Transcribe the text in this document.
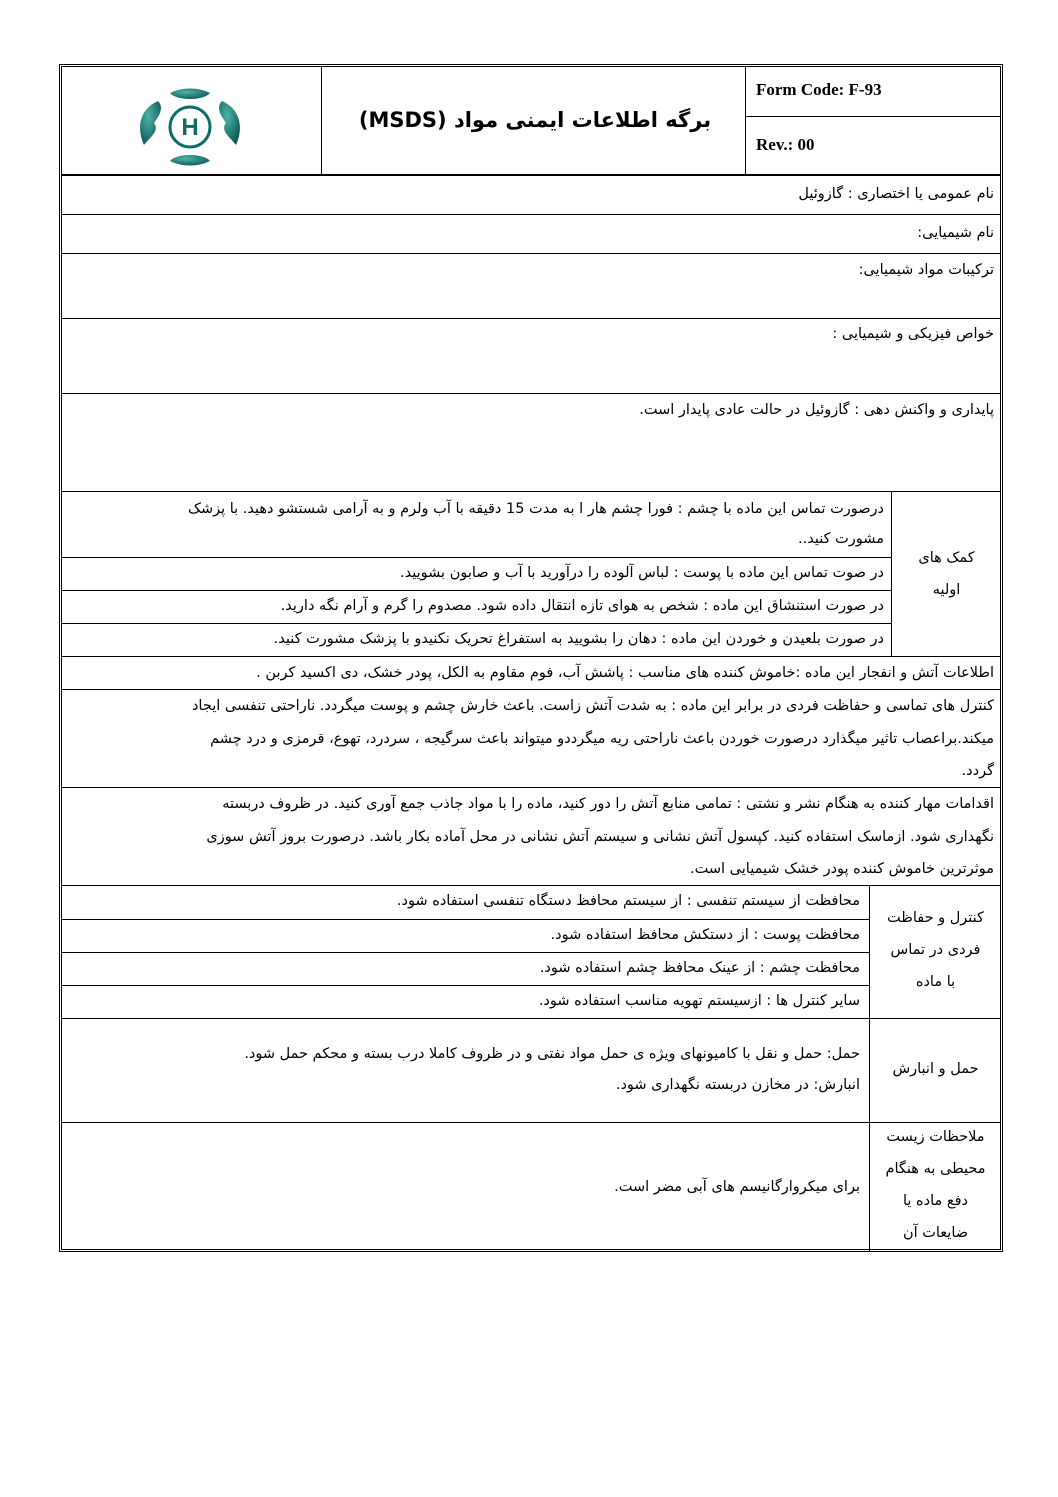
H	برگه اطلاعات ایمنی مواد (MSDS)
Form Code: F-93
Rev.: 00
نام عمومی یا اختصاری : گازوئیل
نام شیمیایی:
ترکیبات مواد شیمیایی:
خواص فیزیکی و شیمیایی :
پایداری و واکنش دهی : گازوئیل در حالت عادی پایدار است.
کمک های
اولیه
درصورت تماس این ماده با چشم : فورا چشم هار ا به مدت 15 دقیقه با آب ولرم و به آرامی شستشو دهید. با پزشک
مشورت کنید..
در صوت تماس این ماده با پوست : لباس آلوده را درآورید با آب و صابون بشویید.
در صورت استنشاق این ماده : شخص به هوای تازه انتقال داده شود. مصدوم را گرم و آرام نگه دارید.
در صورت بلعیدن و خوردن این ماده : دهان را بشویید به استفراغ تحریک نکنیدو با پزشک مشورت کنید.
اطلاعات آتش و انفجار این ماده :خاموش کننده های مناسب : پاشش آب، فوم مقاوم به الکل، پودر خشک، دی اکسید کربن .
کنترل های تماسی و حفاظت فردی در برابر این ماده : به شدت آتش زاست. باعث خارش چشم و پوست میگردد. ناراحتی تنفسی ایجاد
میکند.براعصاب تاثیر میگذارد درصورت خوردن باعث ناراحتی ریه میگرددو میتواند باعث سرگیجه ، سردرد، تهوع، قرمزی و درد چشم
گردد.
اقدامات مهار کننده به هنگام نشر و نشتی : تمامی منابع آتش را دور کنید، ماده را با مواد جاذب جمع آوری کنید. در ظروف دربسته
نگهداری شود. ازماسک استفاده کنید. کپسول آتش نشانی و سیستم آتش نشانی در محل آماده بکار باشد. درصورت بروز آتش سوزی
موثرترین خاموش کننده پودر خشک شیمیایی است.
کنترل و حفاظت
فردی در تماس
با ماده
محافظت از سیستم تنفسی : از سیستم محافظ دستگاه تنفسی استفاده شود.
محافظت پوست : از دستکش محافظ استفاده شود.
محافظت چشم : از عینک محافظ چشم استفاده شود.
سایر کنترل ها : ازسیستم تهویه مناسب استفاده شود.
حمل و انبارش
حمل: حمل و نقل با کامیونهای ویژه ی حمل مواد نفتی و در ظروف کاملا درب بسته و محکم حمل شود.
انبارش: در مخازن دربسته نگهداری شود.
ملاحظات زیست
محیطی به هنگام
دفع ماده یا
ضایعات آن
برای میکروارگانیسم های آبی مضر است.
